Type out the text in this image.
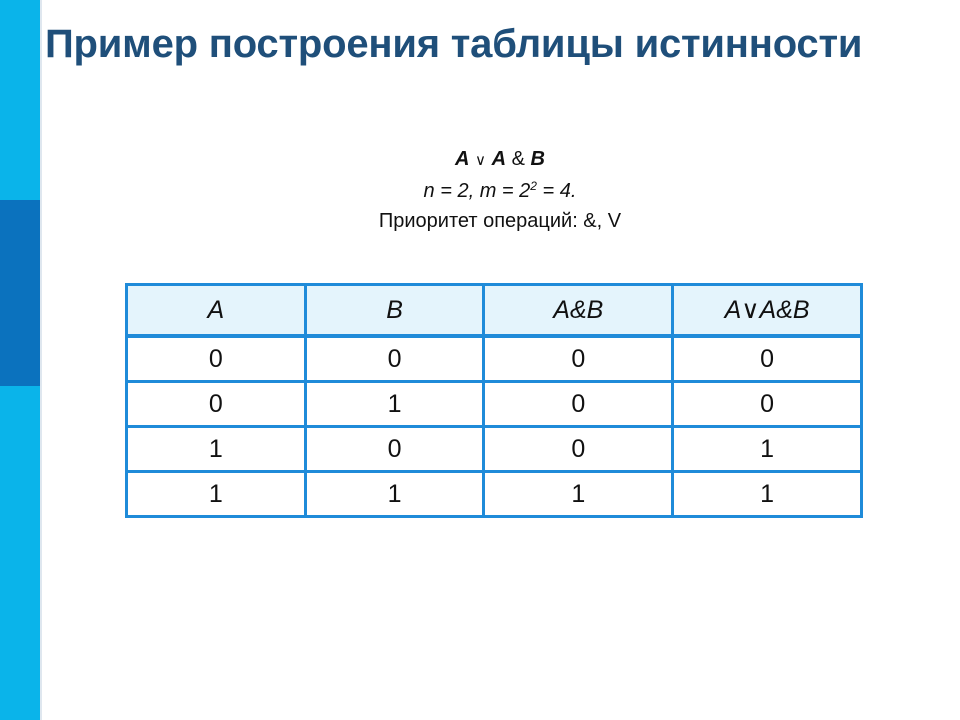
Пример построения таблицы истинности
A ∨ A & B
n = 2, $m = 2^2 = 4$.
Приоритет операций: &, V
A	B	A&B	A∨A&B
0	0	0	0
0	1	0	0
1	0	0	1
1	1	1	1
